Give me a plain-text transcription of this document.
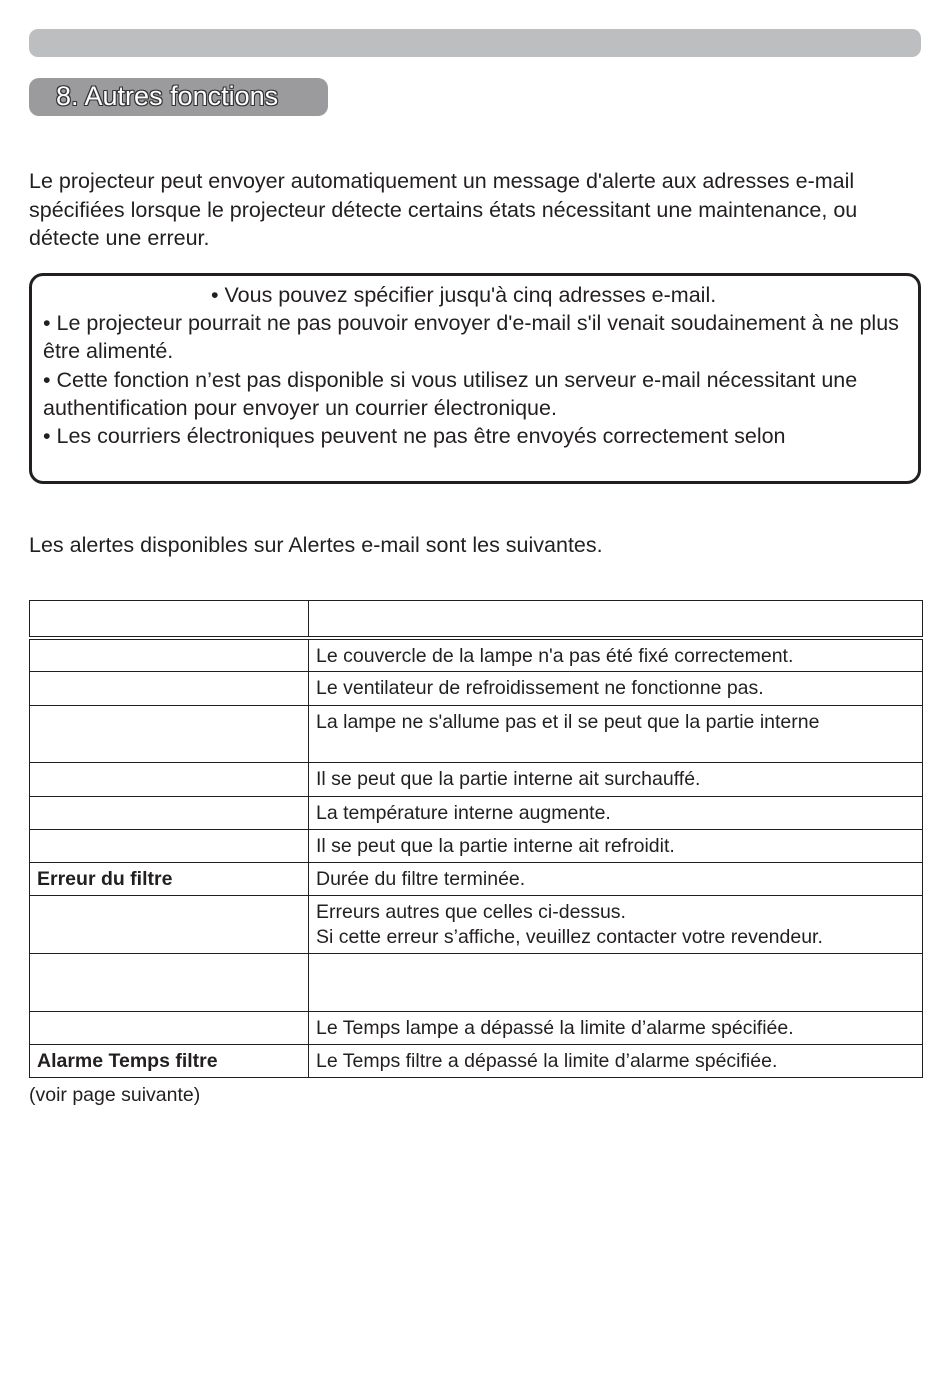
8. Autres fonctions

Le projecteur peut envoyer automatiquement un message d'alerte aux adresses e-mail spécifiées lorsque le projecteur détecte certains états nécessitant une maintenance, ou détecte une erreur.

• Vous pouvez spécifier jusqu'à cinq adresses e-mail.

• Le projecteur pourrait ne pas pouvoir envoyer d'e-mail s'il venait soudainement à ne plus être alimenté.

• Cette fonction n’est pas disponible si vous utilisez un serveur e-mail nécessitant une authentification pour envoyer un courrier électronique.

• Les courriers électroniques peuvent ne pas être envoyés correctement selon

Les alertes disponibles sur Alertes e-mail sont les suivantes.

	Le couvercle de la lampe n'a pas été fixé correctement.
	Le ventilateur de refroidissement ne fonctionne pas.
	La lampe ne s'allume pas et il se peut que la partie interne
	Il se peut que la partie interne ait surchauffé.
	La température interne augmente.
	Il se peut que la partie interne ait refroidit.
Erreur du filtre	Durée du filtre terminée.
	Erreurs autres que celles ci-dessus.
Si cette erreur s’affiche, veuillez contacter votre revendeur.

	Le Temps lampe a dépassé la limite d’alarme spécifiée.
Alarme Temps filtre	Le Temps filtre a dépassé la limite d’alarme spécifiée.

(voir page suivante)
